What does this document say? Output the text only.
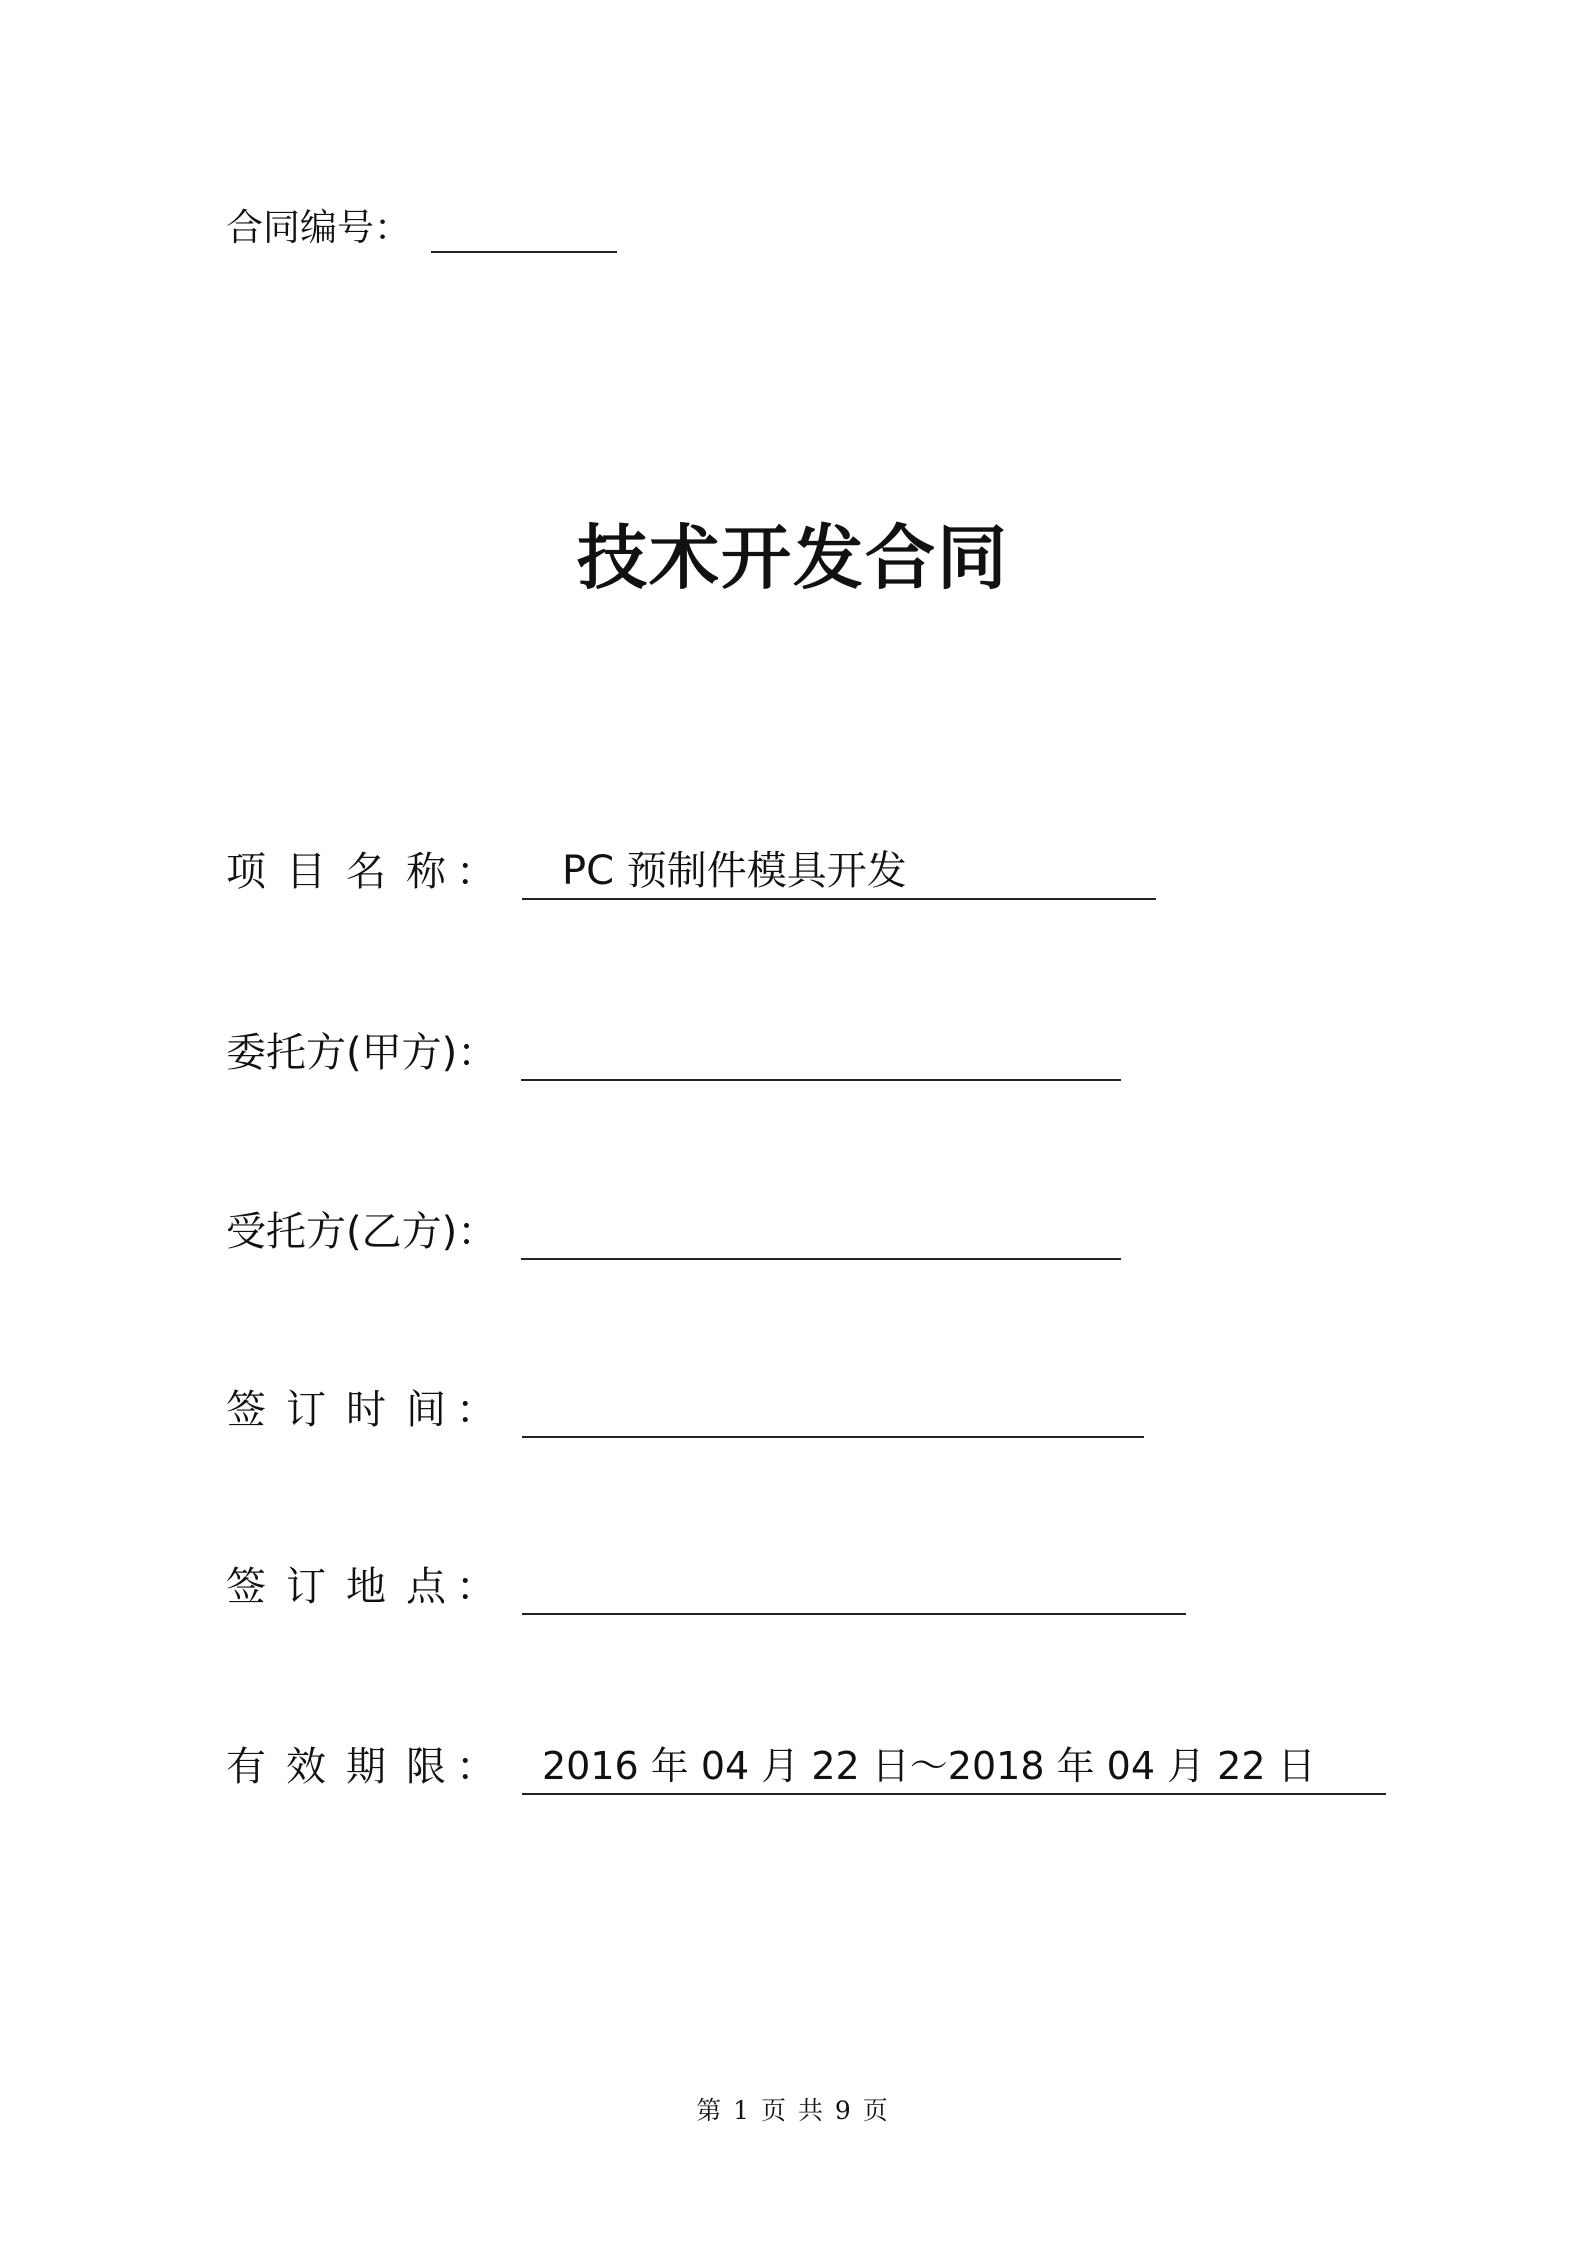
合同编号：
技术开发合同
项目名称
：	PC 预制件模具开发
委托方(甲方)：
受托方(乙方)：
签订时间
：
签订地点
：
有效期限
：	2016 年 04 月 22 日～2018 年 04 月 22 日
第 1 页 共 9 页
